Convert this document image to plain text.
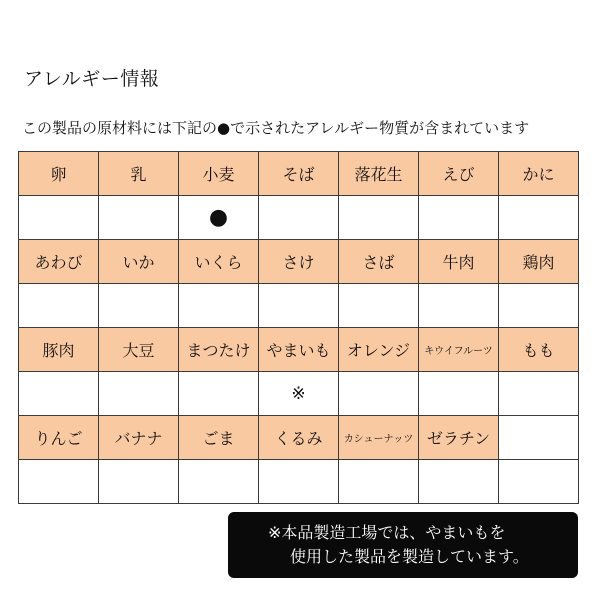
アレルギー情報
この製品の原材料には下記の●で示されたアレルギー物質が含まれています
卵	乳	小麦	そば	落花生	えび	かに
		●				
あわび	いか	いくら	さけ	さば	牛肉	鶏肉

豚肉	大豆	まつたけ	やまいも	オレンジ	キウイフルーツ	もも
			※			
りんご	バナナ	ごま	くるみ	カシューナッツ	ゼラチン	

※本品製造工場では、やまいもを
使用した製品を製造しています。
